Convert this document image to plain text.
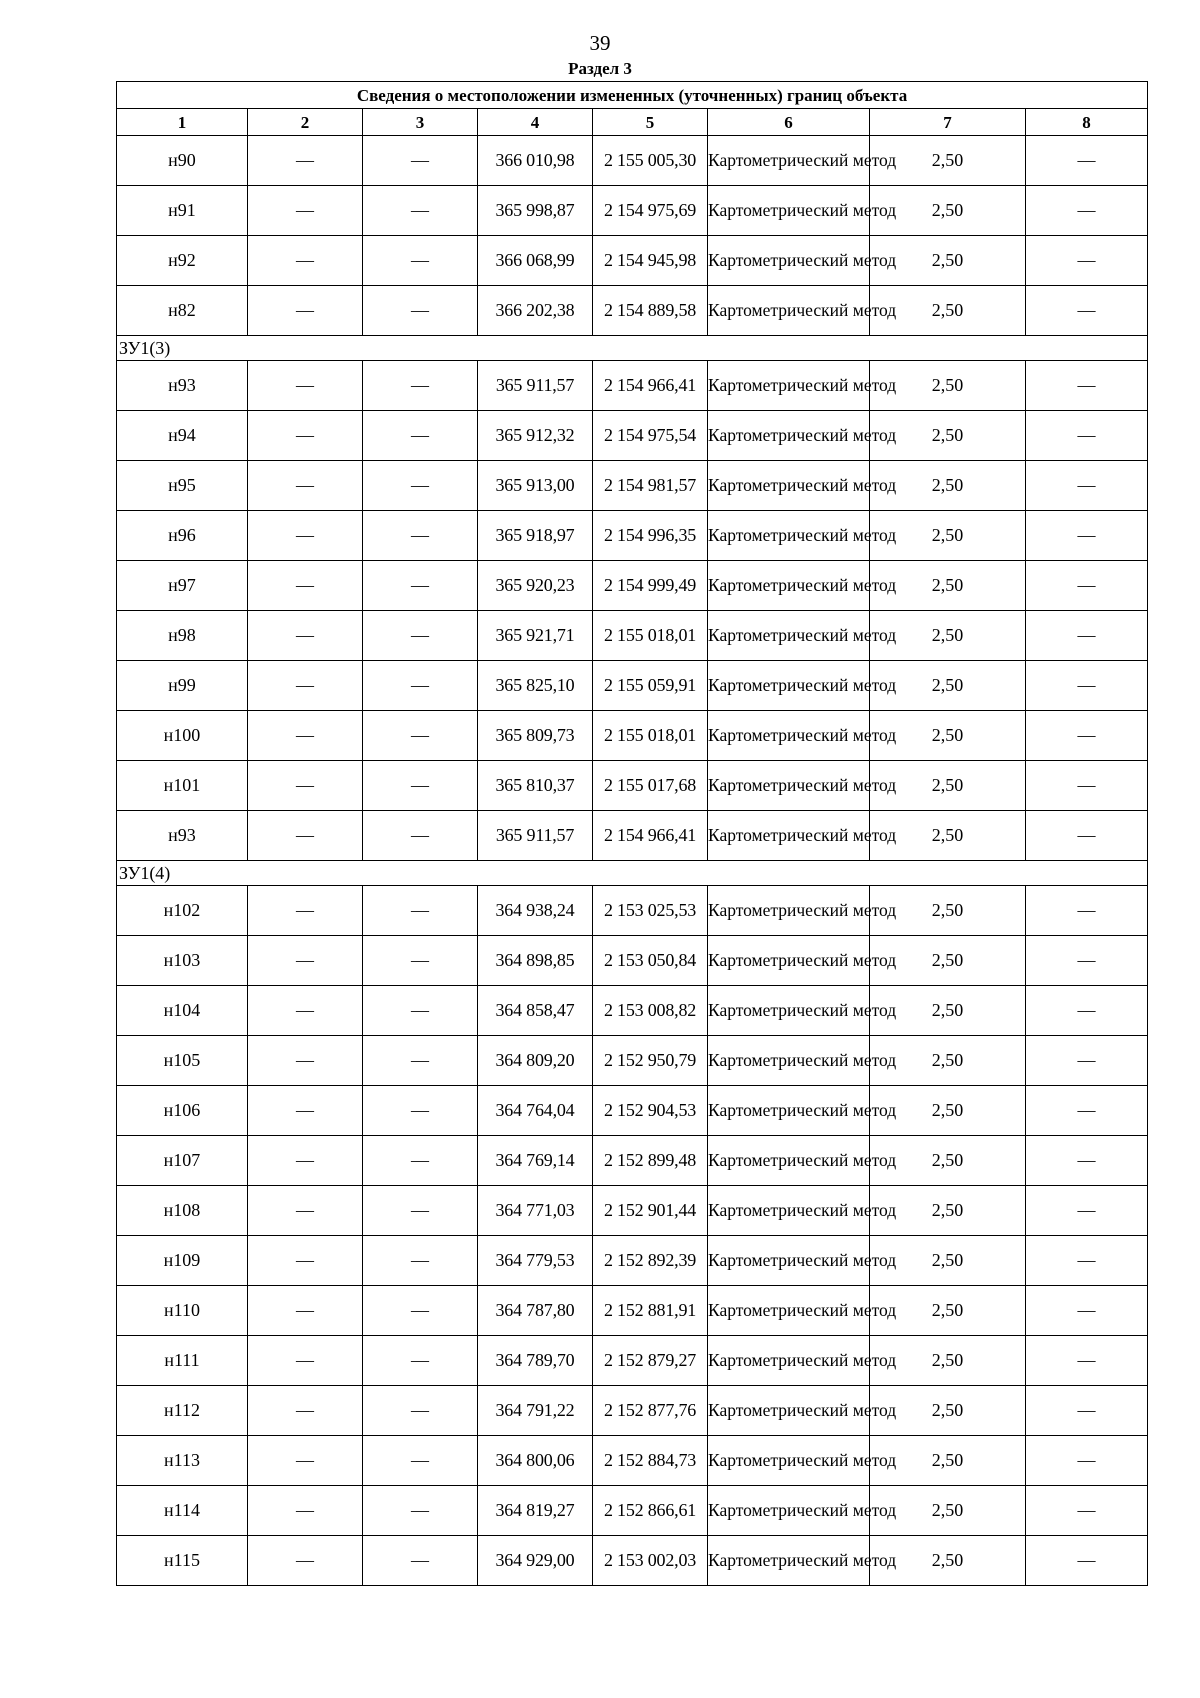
39
Раздел 3
Сведения о местоположении измененных (уточненных) границ объекта							
1	2	3	4	5	6	7	8
н90	—	—	366 010,98	2 155 005,30	Картометрический метод	2,50	—
н91	—	—	365 998,87	2 154 975,69	Картометрический метод	2,50	—
н92	—	—	366 068,99	2 154 945,98	Картометрический метод	2,50	—
н82	—	—	366 202,38	2 154 889,58	Картометрический метод	2,50	—
ЗУ1(3)							
н93	—	—	365 911,57	2 154 966,41	Картометрический метод	2,50	—
н94	—	—	365 912,32	2 154 975,54	Картометрический метод	2,50	—
н95	—	—	365 913,00	2 154 981,57	Картометрический метод	2,50	—
н96	—	—	365 918,97	2 154 996,35	Картометрический метод	2,50	—
н97	—	—	365 920,23	2 154 999,49	Картометрический метод	2,50	—
н98	—	—	365 921,71	2 155 018,01	Картометрический метод	2,50	—
н99	—	—	365 825,10	2 155 059,91	Картометрический метод	2,50	—
н100	—	—	365 809,73	2 155 018,01	Картометрический метод	2,50	—
н101	—	—	365 810,37	2 155 017,68	Картометрический метод	2,50	—
н93	—	—	365 911,57	2 154 966,41	Картометрический метод	2,50	—
ЗУ1(4)							
н102	—	—	364 938,24	2 153 025,53	Картометрический метод	2,50	—
н103	—	—	364 898,85	2 153 050,84	Картометрический метод	2,50	—
н104	—	—	364 858,47	2 153 008,82	Картометрический метод	2,50	—
н105	—	—	364 809,20	2 152 950,79	Картометрический метод	2,50	—
н106	—	—	364 764,04	2 152 904,53	Картометрический метод	2,50	—
н107	—	—	364 769,14	2 152 899,48	Картометрический метод	2,50	—
н108	—	—	364 771,03	2 152 901,44	Картометрический метод	2,50	—
н109	—	—	364 779,53	2 152 892,39	Картометрический метод	2,50	—
н110	—	—	364 787,80	2 152 881,91	Картометрический метод	2,50	—
н111	—	—	364 789,70	2 152 879,27	Картометрический метод	2,50	—
н112	—	—	364 791,22	2 152 877,76	Картометрический метод	2,50	—
н113	—	—	364 800,06	2 152 884,73	Картометрический метод	2,50	—
н114	—	—	364 819,27	2 152 866,61	Картометрический метод	2,50	—
н115	—	—	364 929,00	2 153 002,03	Картометрический метод	2,50	—
